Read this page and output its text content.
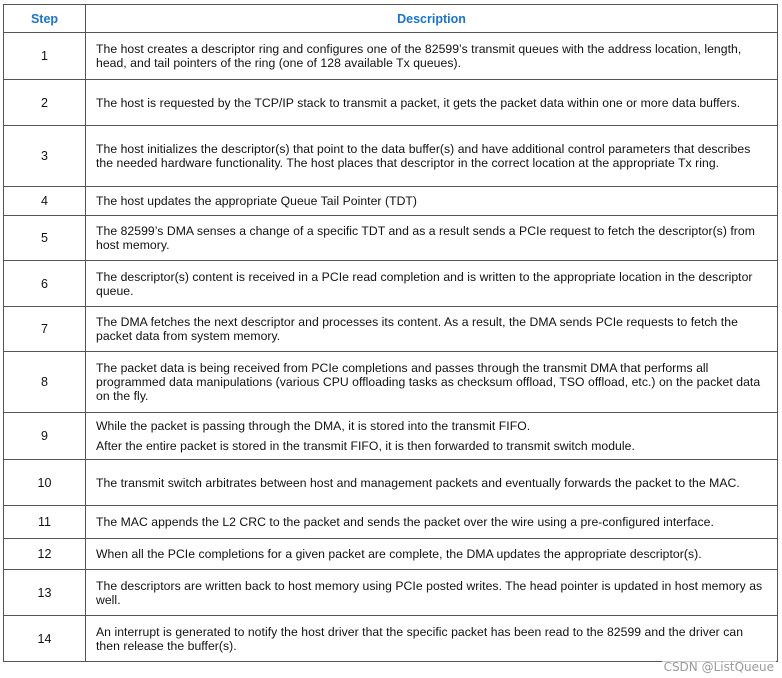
Step	Description
1	The host creates a descriptor ring and configures one of the 82599’s transmit queues with the address location, length, head, and tail pointers of the ring (one of 128 available Tx queues).

2	The host is requested by the TCP/IP stack to transmit a packet, it gets the packet data within one or more data buffers.

3	The host initializes the descriptor(s) that point to the data buffer(s) and have additional control parameters that describes the needed hardware functionality. The host places that descriptor in the correct location at the appropriate Tx ring.

4	The host updates the appropriate Queue Tail Pointer (TDT)

5	The 82599’s DMA senses a change of a specific TDT and as a result sends a PCIe request to fetch the descriptor(s) from host memory.

6	The descriptor(s) content is received in a PCIe read completion and is written to the appropriate location in the descriptor queue.

7	The DMA fetches the next descriptor and processes its content. As a result, the DMA sends PCIe requests to fetch the packet data from system memory.

8	The packet data is being received from PCIe completions and passes through the transmit DMA that performs all programmed data manipulations (various CPU offloading tasks as checksum offload, TSO offload, etc.) on the packet data on the fly.

9	While the packet is passing through the DMA, it is stored into the transmit FIFO.
After the entire packet is stored in the transmit FIFO, it is then forwarded to transmit switch module.

10	The transmit switch arbitrates between host and management packets and eventually forwards the packet to the MAC.

11	The MAC appends the L2 CRC to the packet and sends the packet over the wire using a pre-configured interface.

12	When all the PCIe completions for a given packet are complete, the DMA updates the appropriate descriptor(s).

13	The descriptors are written back to host memory using PCIe posted writes. The head pointer is updated in host memory as well.

14	An interrupt is generated to notify the host driver that the specific packet has been read to the 82599 and the driver can then release the buffer(s).
CSDN @ListQueue
